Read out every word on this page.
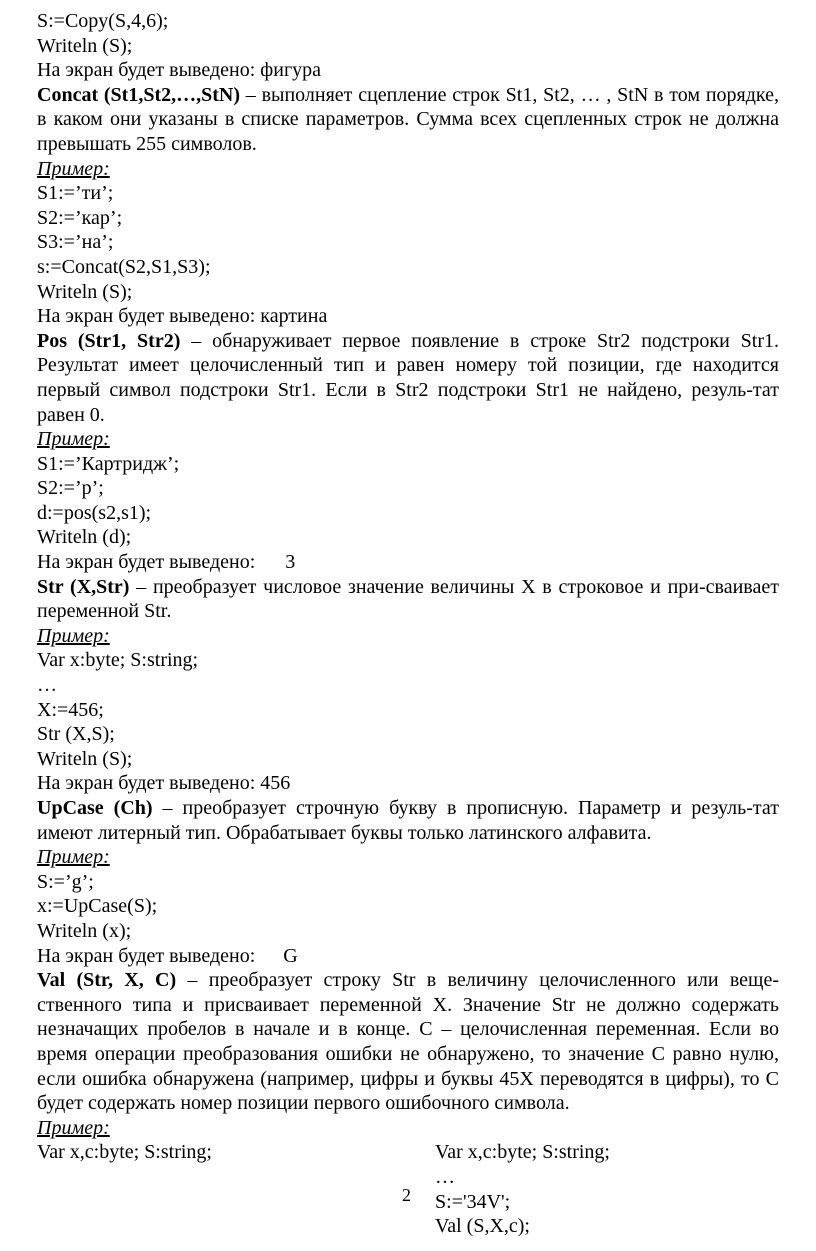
S:=Copy(S,4,6);
Writeln (S);
На экран будет выведено: фигура
Concat (St1,St2,…,StN) – выполняет сцепление строк St1, St2, … , StN в том порядке, в каком они указаны в списке параметров. Сумма всех сцепленных строк не должна превышать 255 символов.
Пример:
S1:=’ти’;
S2:=’кар’;
S3:=’на’;
s:=Concat(S2,S1,S3);
Writeln (S);
На экран будет выведено: картина
Pos (Str1, Str2) – обнаруживает первое появление в строке Str2 подстроки Str1. Результат имеет целочисленный тип и равен номеру той позиции, где находится первый символ подстроки Str1. Если в Str2 подстроки Str1 не найдено, резуль-тат равен 0.
Пример:
S1:=’Картридж’;
S2:=’р’;
d:=pos(s2,s1);
Writeln (d);
На экран будет выведено: 3
Str (X,Str) – преобразует числовое значение величины X в строковое и при-сваивает переменной Str.
Пример:
Var x:byte; S:string;
…
X:=456;
Str (X,S);
Writeln (S);
На экран будет выведено: 456
UpCase (Ch) – преобразует строчную букву в прописную. Параметр и резуль-тат имеют литерный тип. Обрабатывает буквы только латинского алфавита.
Пример:
S:=’g’;
x:=UpCase(S);
Writeln (x);
На экран будет выведено: G
Val (Str, X, C) – преобразует строку Str в величину целочисленного или веще-ственного типа и присваивает переменной X. Значение Str не должно содержать незначащих пробелов в начале и в конце. C – целочисленная переменная. Если во время операции преобразования ошибки не обнаружено, то значение C равно нулю, если ошибка обнаружена (например, цифры и буквы 45X переводятся в цифры), то C будет содержать номер позиции первого ошибочного символа.
Пример:
Var x,c:byte; S:string;	Var x,c:byte; S:string;
…
S:='34V';
Val (S,X,c);
2
